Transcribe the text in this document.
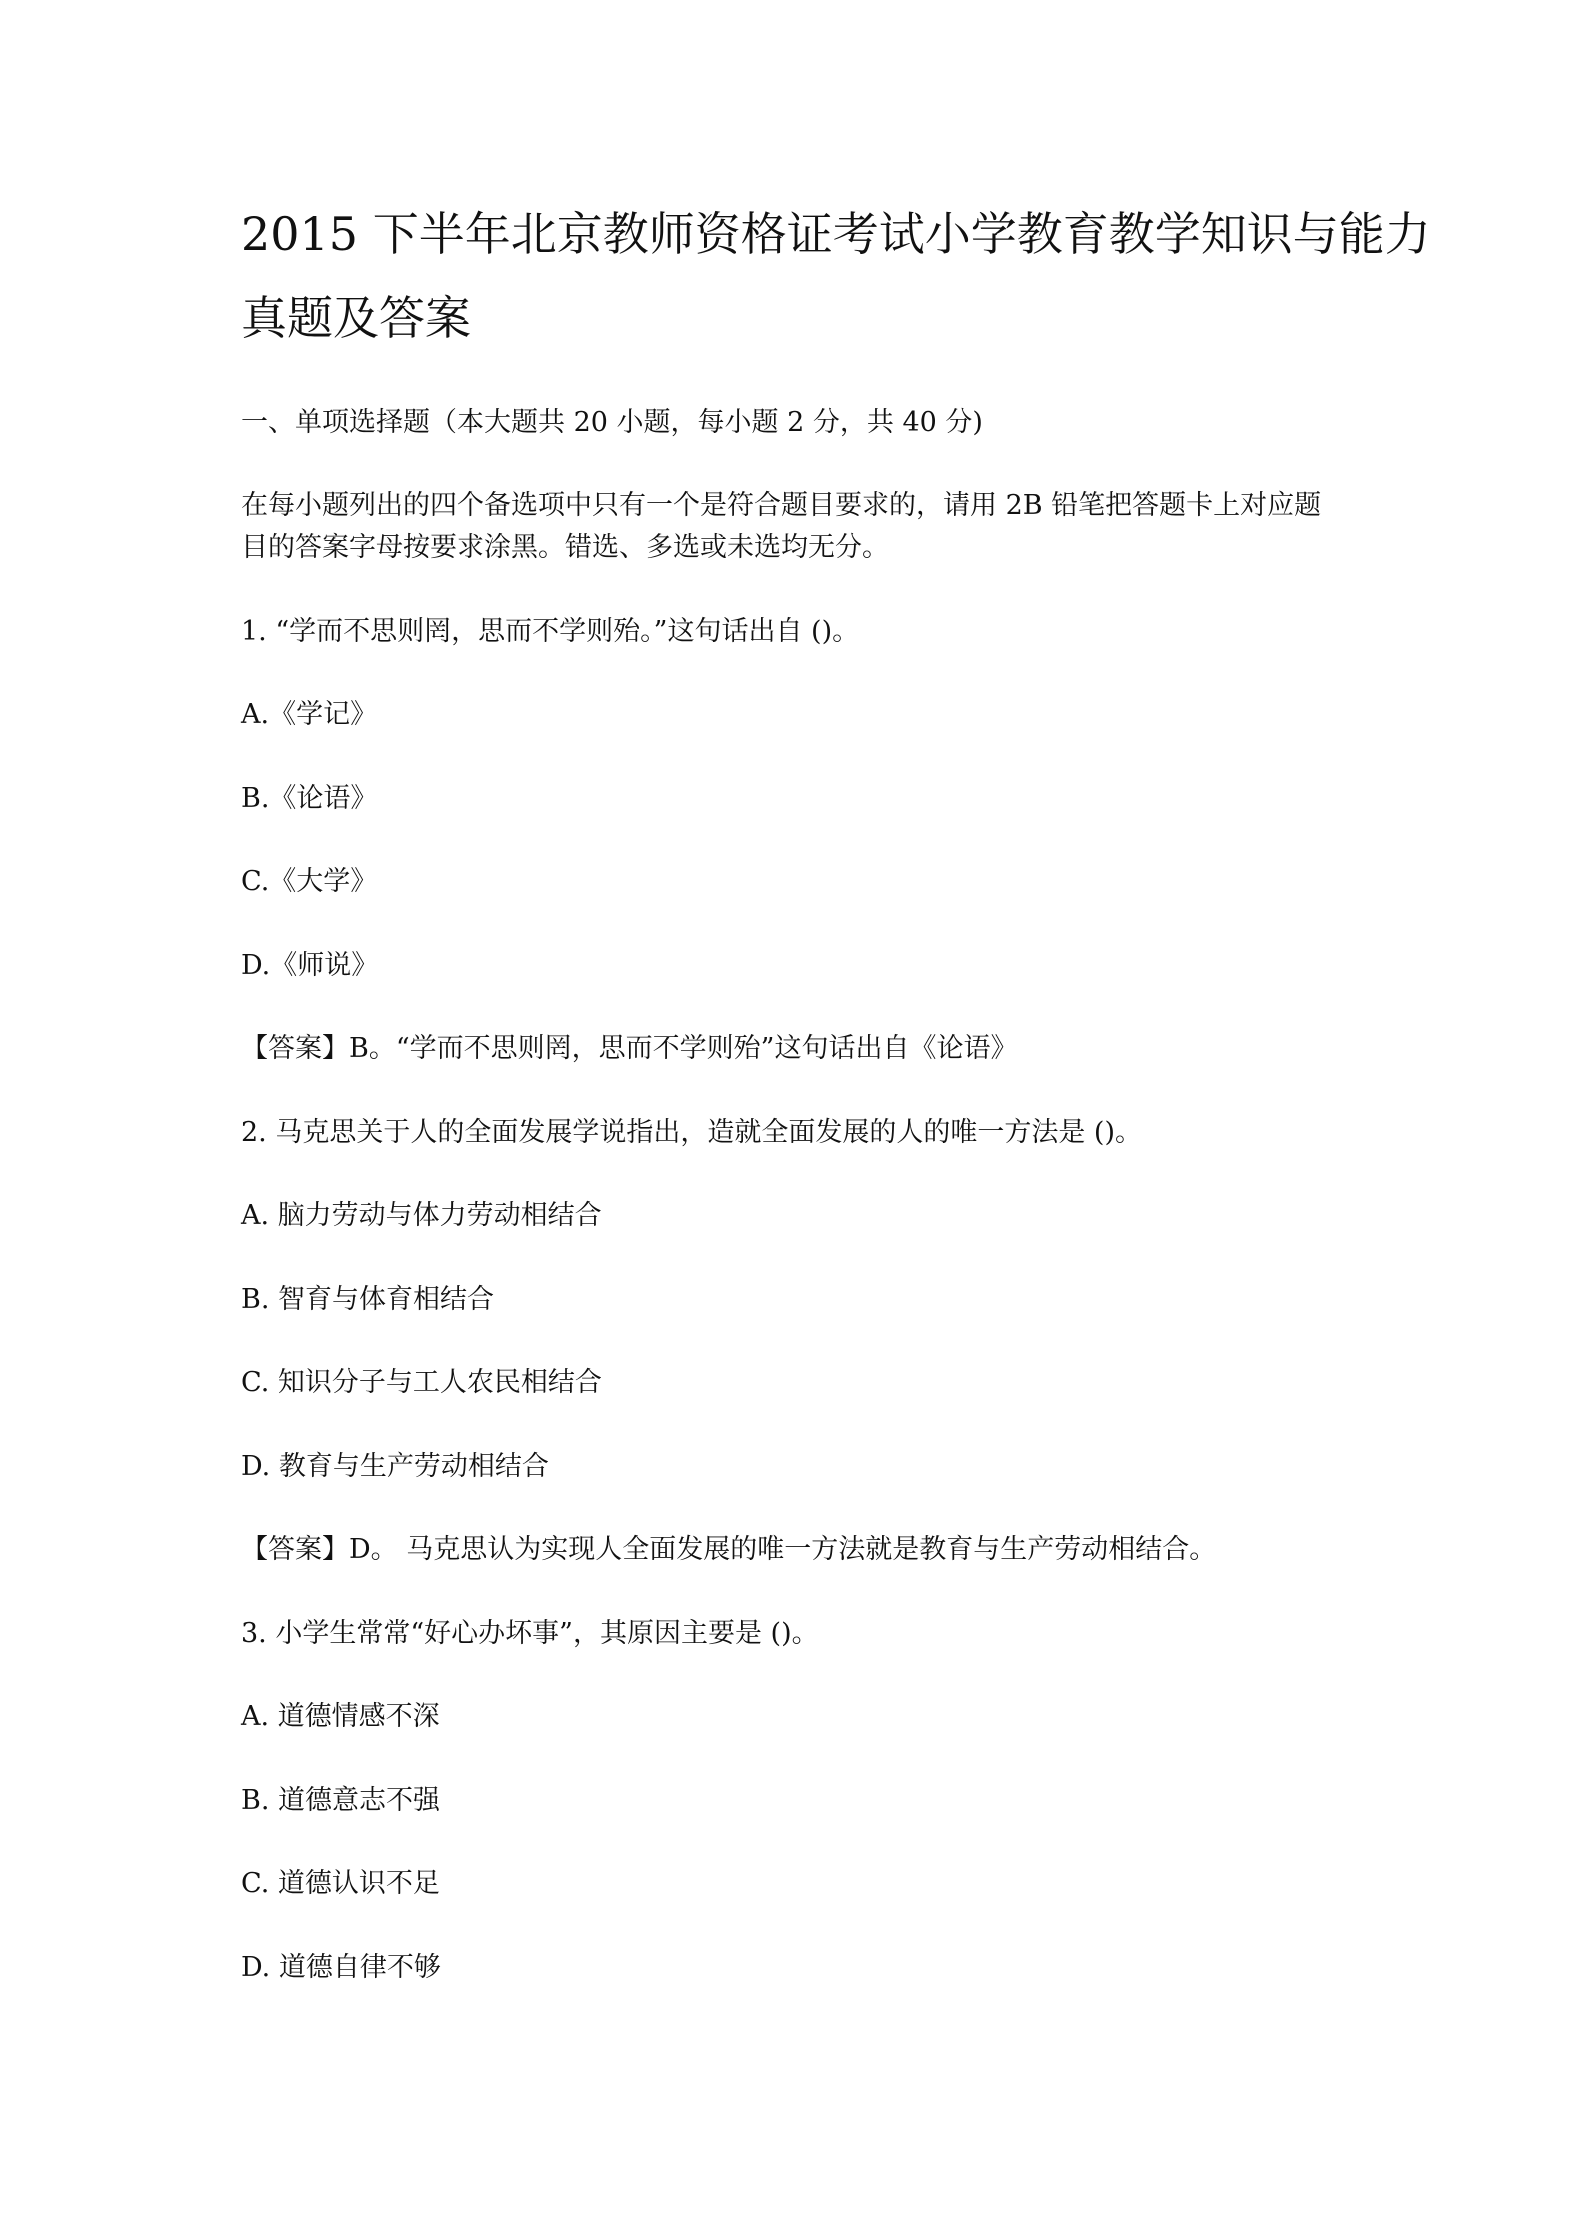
2015 下半年北京教师资格证考试小学教育教学知识与能力
真题及答案
一、单项选择题（本大题共 20 小题，每小题 2 分，共 40 分)
在每小题列出的四个备选项中只有一个是符合题目要求的，请用 2B 铅笔把答题卡上对应题
目的答案字母按要求涂黑。错选、多选或未选均无分。
1. “学而不思则罔，思而不学则殆。”这句话出自 ()。
A.《学记》
B.《论语》
C.《大学》
D.《师说》
【答案】B。“学而不思则罔，思而不学则殆”这句话出自《论语》
2. 马克思关于人的全面发展学说指出，造就全面发展的人的唯一方法是 ()。
A. 脑力劳动与体力劳动相结合
B. 智育与体育相结合
C. 知识分子与工人农民相结合
D. 教育与生产劳动相结合
【答案】D。 马克思认为实现人全面发展的唯一方法就是教育与生产劳动相结合。
3. 小学生常常“好心办坏事”，其原因主要是 ()。
A. 道德情感不深
B. 道德意志不强
C. 道德认识不足
D. 道德自律不够
